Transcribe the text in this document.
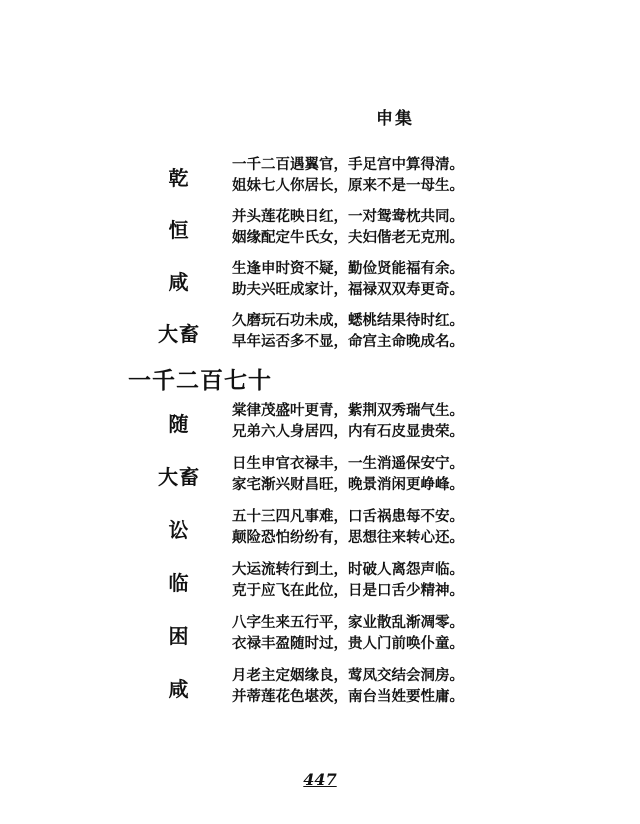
申集
乾
一千二百遇翼官，手足宫中算得清。
姐妹七人你居长，原来不是一母生。
恒
并头莲花映日红，一对鸳鸯枕共同。
姻缘配定牛氏女，夫妇偕老无克刑。
咸
生逢申时资不疑，勤俭贤能福有余。
助夫兴旺成家计，福禄双双寿更奇。
大畜
久磨玩石功未成，蟋桃结果待时红。
早年运否多不显，命宫主命晚成名。
一千二百七十
随
棠律茂盛叶更青，紫荆双秀瑞气生。
兄弟六人身居四，内有石皮显贵荣。
大畜
日生申官衣禄丰，一生消遥保安宁。
家宅渐兴财昌旺，晚景消闲更峥峰。
讼
五十三四凡事难，口舌祸患每不安。
颠险恐怕纷纷有，思想往来转心还。
临
大运流转行到土，时破人离怨声临。
克于应飞在此位，日是口舌少精神。
困
八字生来五行平，家业散乱渐凋零。
衣禄丰盈随时过，贵人门前唤仆童。
咸
月老主定姻缘良，莺凤交结会洞房。
并蒂莲花色堪茨，南台当姓要性庸。
447
